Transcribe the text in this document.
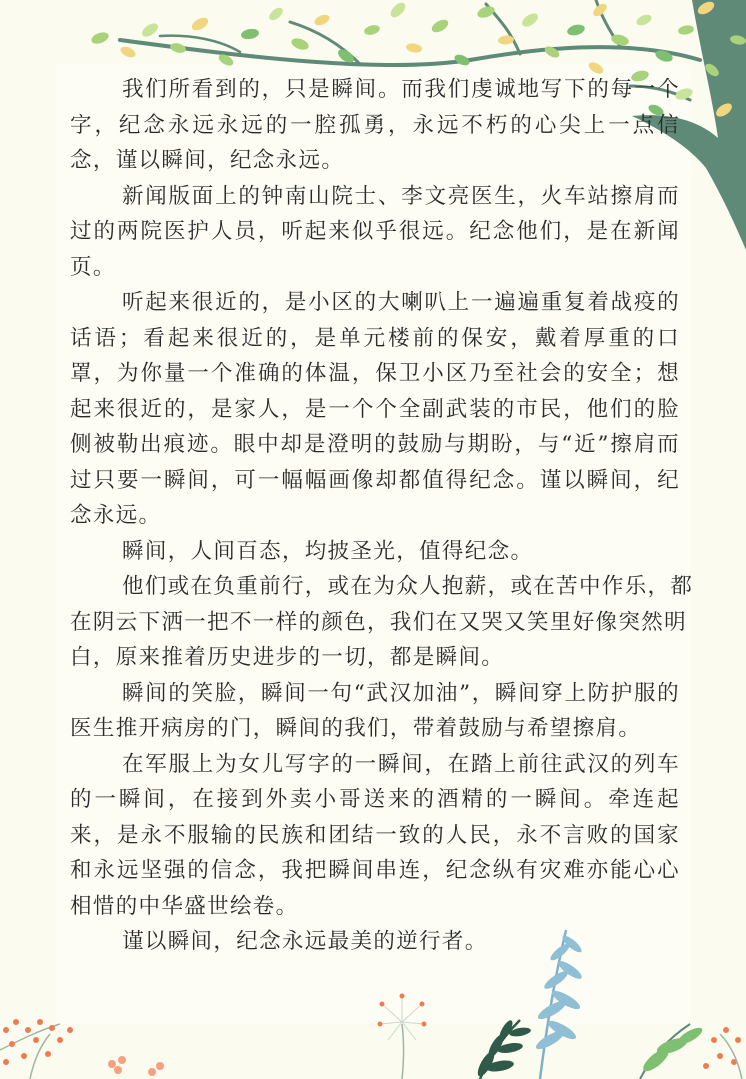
我们所看到的，只是瞬间。而我们虔诚地写下的每一个字，纪念永远永远的一腔孤勇，永远不朽的心尖上一点信念，谨以瞬间，纪念永远。

新闻版面上的钟南山院士、李文亮医生，火车站擦肩而过的两院医护人员，听起来似乎很远。纪念他们，是在新闻页。

听起来很近的，是小区的大喇叭上一遍遍重复着战疫的话语；看起来很近的，是单元楼前的保安，戴着厚重的口罩，为你量一个准确的体温，保卫小区乃至社会的安全；想起来很近的，是家人，是一个个全副武装的市民，他们的脸侧被勒出痕迹。眼中却是澄明的鼓励与期盼，与“近”擦肩而过只要一瞬间，可一幅幅画像却都值得纪念。谨以瞬间，纪念永远。

瞬间，人间百态，均披圣光，值得纪念。

他们或在负重前行，或在为众人抱薪，或在苦中作乐，都在阴云下洒一把不一样的颜色，我们在又哭又笑里好像突然明白，原来推着历史进步的一切，都是瞬间。

瞬间的笑脸，瞬间一句“武汉加油”，瞬间穿上防护服的医生推开病房的门，瞬间的我们，带着鼓励与希望擦肩。

在军服上为女儿写字的一瞬间，在踏上前往武汉的列车的一瞬间，在接到外卖小哥送来的酒精的一瞬间。牵连起来，是永不服输的民族和团结一致的人民，永不言败的国家和永远坚强的信念，我把瞬间串连，纪念纵有灾难亦能心心相惜的中华盛世绘卷。

谨以瞬间，纪念永远最美的逆行者。
